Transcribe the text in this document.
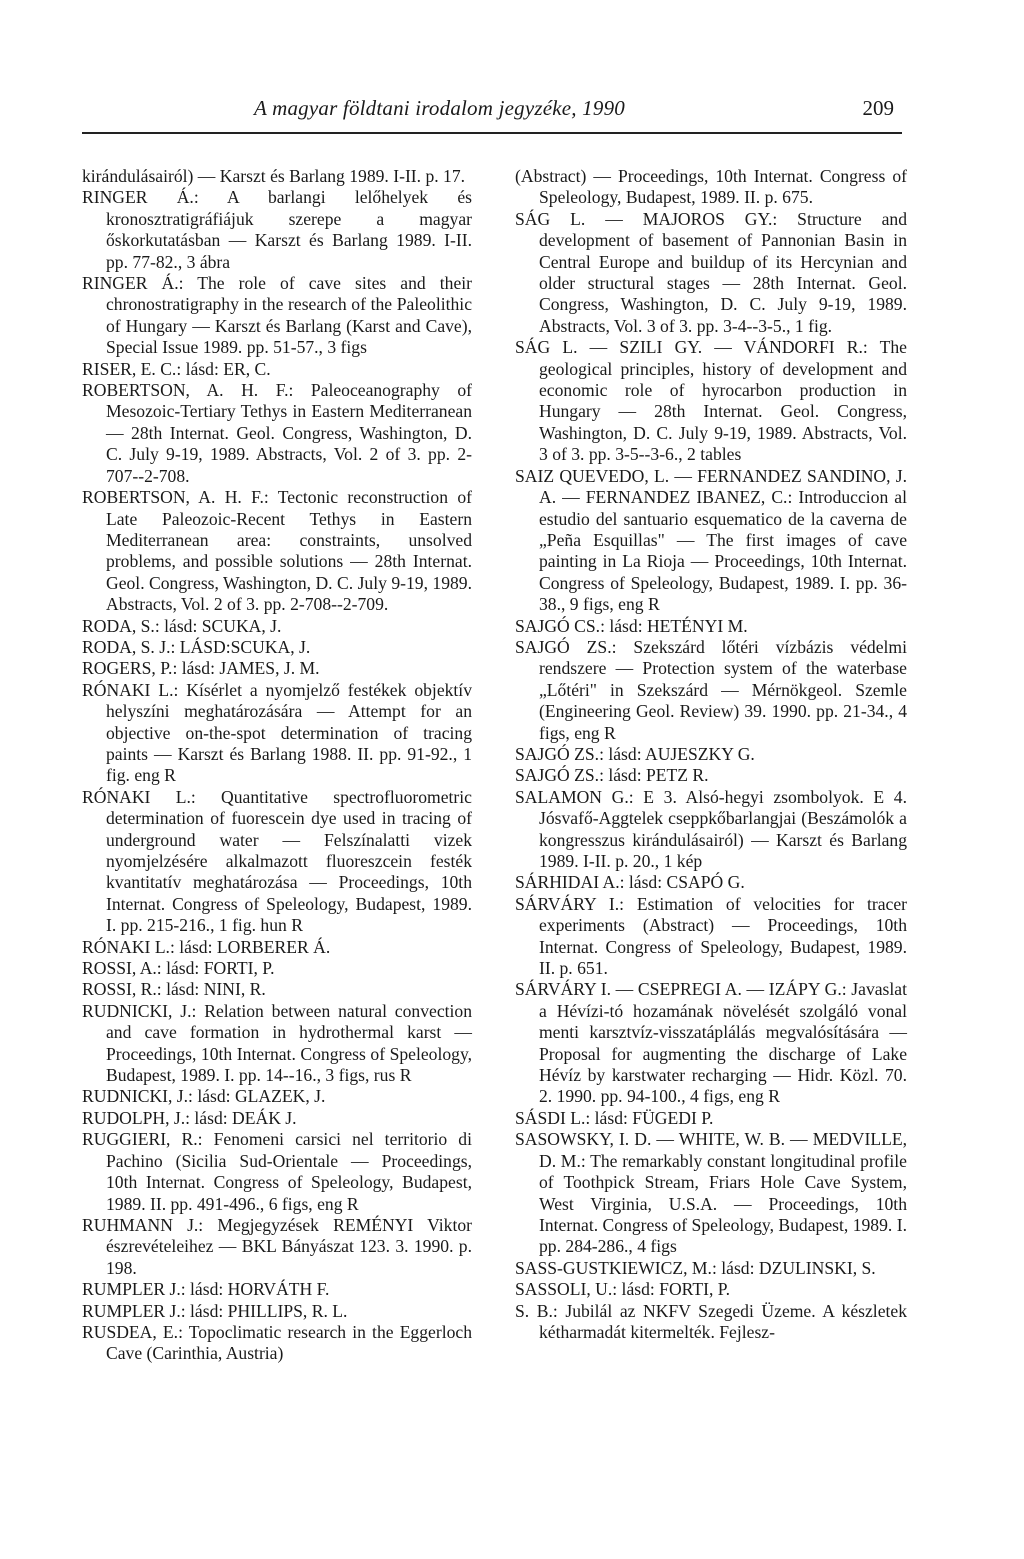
A magyar földtani irodalom jegyzéke, 1990	209

kirándulásairól) — Karszt és Barlang 1989. I-II. p. 17.

RINGER Á.: A barlangi lelőhelyek és kronosztratigráfiájuk szerepe a magyar őskorkutatásban — Karszt és Barlang 1989. I-II. pp. 77-82., 3 ábra

RINGER Á.: The role of cave sites and their chronostratigraphy in the research of the Paleolithic of Hungary — Karszt és Barlang (Karst and Cave), Special Issue 1989. pp. 51-57., 3 figs

RISER, E. C.: lásd: ER, C.

ROBERTSON, A. H. F.: Paleoceanography of Mesozoic-Tertiary Tethys in Eastern Mediterranean — 28th Internat. Geol. Congress, Washington, D. C. July 9-19, 1989. Abstracts, Vol. 2 of 3. pp. 2-707--2-708.

ROBERTSON, A. H. F.: Tectonic reconstruction of Late Paleozoic-Recent Tethys in Eastern Mediterranean area: constraints, unsolved problems, and possible solutions — 28th Internat. Geol. Congress, Washington, D. C. July 9-19, 1989. Abstracts, Vol. 2 of 3. pp. 2-708--2-709.

RODA, S.: lásd: SCUKA, J.

RODA, S. J.: LÁSD:SCUKA, J.

ROGERS, P.: lásd: JAMES, J. M.

RÓNAKI L.: Kísérlet a nyomjelző festékek objektív helyszíni meghatározására — Attempt for an objective on-the-spot determination of tracing paints — Karszt és Barlang 1988. II. pp. 91-92., 1 fig. eng R

RÓNAKI L.: Quantitative spectrofluorometric determination of fuorescein dye used in tracing of underground water — Felszínalatti vizek nyomjelzésére alkalmazott fluoreszcein festék kvantitatív meghatározása — Proceedings, 10th Internat. Congress of Speleology, Budapest, 1989. I. pp. 215-216., 1 fig. hun R

RÓNAKI L.: lásd: LORBERER Á.

ROSSI, A.: lásd: FORTI, P.

ROSSI, R.: lásd: NINI, R.

RUDNICKI, J.: Relation between natural convection and cave formation in hydrothermal karst — Proceedings, 10th Internat. Congress of Speleology, Budapest, 1989. I. pp. 14--16., 3 figs, rus R

RUDNICKI, J.: lásd: GLAZEK, J.

RUDOLPH, J.: lásd: DEÁK J.

RUGGIERI, R.: Fenomeni carsici nel territorio di Pachino (Sicilia Sud-Orientale — Proceedings, 10th Internat. Congress of Speleology, Budapest, 1989. II. pp. 491-496., 6 figs, eng R

RUHMANN J.: Megjegyzések REMÉNYI Viktor észrevételeihez — BKL Bányászat 123. 3. 1990. p. 198.

RUMPLER J.: lásd: HORVÁTH F.

RUMPLER J.: lásd: PHILLIPS, R. L.

RUSDEA, E.: Topoclimatic research in the Eggerloch Cave (Carinthia, Austria)

(Abstract) — Proceedings, 10th Internat. Congress of Speleology, Budapest, 1989. II. p. 675.

SÁG L. — MAJOROS GY.: Structure and development of basement of Pannonian Basin in Central Europe and buildup of its Hercynian and older structural stages — 28th Internat. Geol. Congress, Washington, D. C. July 9-19, 1989. Abstracts, Vol. 3 of 3. pp. 3-4--3-5., 1 fig.

SÁG L. — SZILI GY. — VÁNDORFI R.: The geological principles, history of development and economic role of hyrocarbon production in Hungary — 28th Internat. Geol. Congress, Washington, D. C. July 9-19, 1989. Abstracts, Vol. 3 of 3. pp. 3-5--3-6., 2 tables

SAIZ QUEVEDO, L. — FERNANDEZ SANDINO, J. A. — FERNANDEZ IBANEZ, C.: Introduccion al estudio del santuario esquematico de la caverna de „Peña Esquillas" — The first images of cave painting in La Rioja — Proceedings, 10th Internat. Congress of Speleology, Budapest, 1989. I. pp. 36-38., 9 figs, eng R

SAJGÓ CS.: lásd: HETÉNYI M.

SAJGÓ ZS.: Szekszárd lőtéri vízbázis védelmi rendszere — Protection system of the waterbase „Lőtéri" in Szekszárd — Mérnökgeol. Szemle (Engineering Geol. Review) 39. 1990. pp. 21-34., 4 figs, eng R

SAJGÓ ZS.: lásd: AUJESZKY G.

SAJGÓ ZS.: lásd: PETZ R.

SALAMON G.: E 3. Alsó-hegyi zsombolyok. E 4. Jósvafő-Aggtelek cseppkőbarlangjai (Beszámolók a kongresszus kirándulásairól) — Karszt és Barlang 1989. I-II. p. 20., 1 kép

SÁRHIDAI A.: lásd: CSAPÓ G.

SÁRVÁRY I.: Estimation of velocities for tracer experiments (Abstract) — Proceedings, 10th Internat. Congress of Speleology, Budapest, 1989. II. p. 651.

SÁRVÁRY I. — CSEPREGI A. — IZÁPY G.: Javaslat a Hévízi-tó hozamának növelését szolgáló vonal menti karsztvíz-visszatáplálás megvalósítására — Proposal for augmenting the discharge of Lake Hévíz by karstwater recharging — Hidr. Közl. 70. 2. 1990. pp. 94-100., 4 figs, eng R

SÁSDI L.: lásd: FÜGEDI P.

SASOWSKY, I. D. — WHITE, W. B. — MEDVILLE, D. M.: The remarkably constant longitudinal profile of Toothpick Stream, Friars Hole Cave System, West Virginia, U.S.A. — Proceedings, 10th Internat. Congress of Speleology, Budapest, 1989. I. pp. 284-286., 4 figs

SASS-GUSTKIEWICZ, M.: lásd: DZULINSKI, S.

SASSOLI, U.: lásd: FORTI, P.

S. B.: Jubilál az NKFV Szegedi Üzeme. A készletek kétharmadát kitermelték. Fejlesz-
